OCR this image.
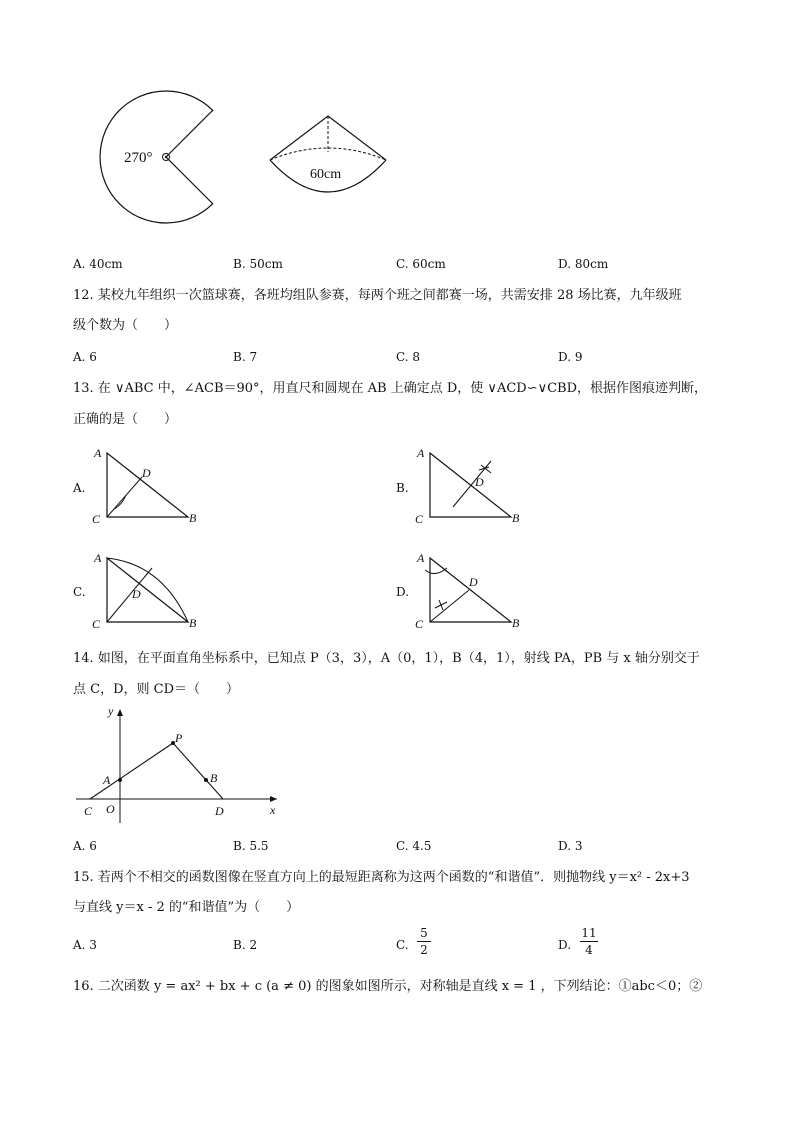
270°
60cm
A. 40cm	B. 50cm	C. 60cm	D. 80cm
12. 某校九年组织一次篮球赛，各班均组队参赛，每两个班之间都赛一场，共需安排 28 场比赛，九年级班
级个数为（　　）
A. 6	B. 7	C. 8	D. 9
13. 在 ∨ABC 中，∠ACB＝90°，用直尺和圆规在 AB 上确定点 D，使 ∨ACD∽∨CBD，根据作图痕迹判断，
正确的是（　　）
A.	B.
C.	D.
A
D
C	B
A
D
C	B
A
D
C	B
A
D
C	B
14. 如图，在平面直角坐标系中，已知点 P（3，3），A（0，1），B（4，1），射线 PA，PB 与 x 轴分别交于
点 C，D，则 CD＝（　　）
y
x
O
A
P
B
C	D
A. 6	B. 5.5	C. 4.5	D. 3
15. 若两个不相交的函数图像在竖直方向上的最短距离称为这两个函数的“和谐值”．则抛物线 y＝x² - 2x+3
与直线 y＝x - 2 的“和谐值”为（　　）
A. 3	B. 2	C.
5
2	D.
11
4
16. 二次函数 y = ax² + bx + c (a ≠ 0) 的图象如图所示，对称轴是直线 x = 1 ，下列结论：①abc＜0；②
